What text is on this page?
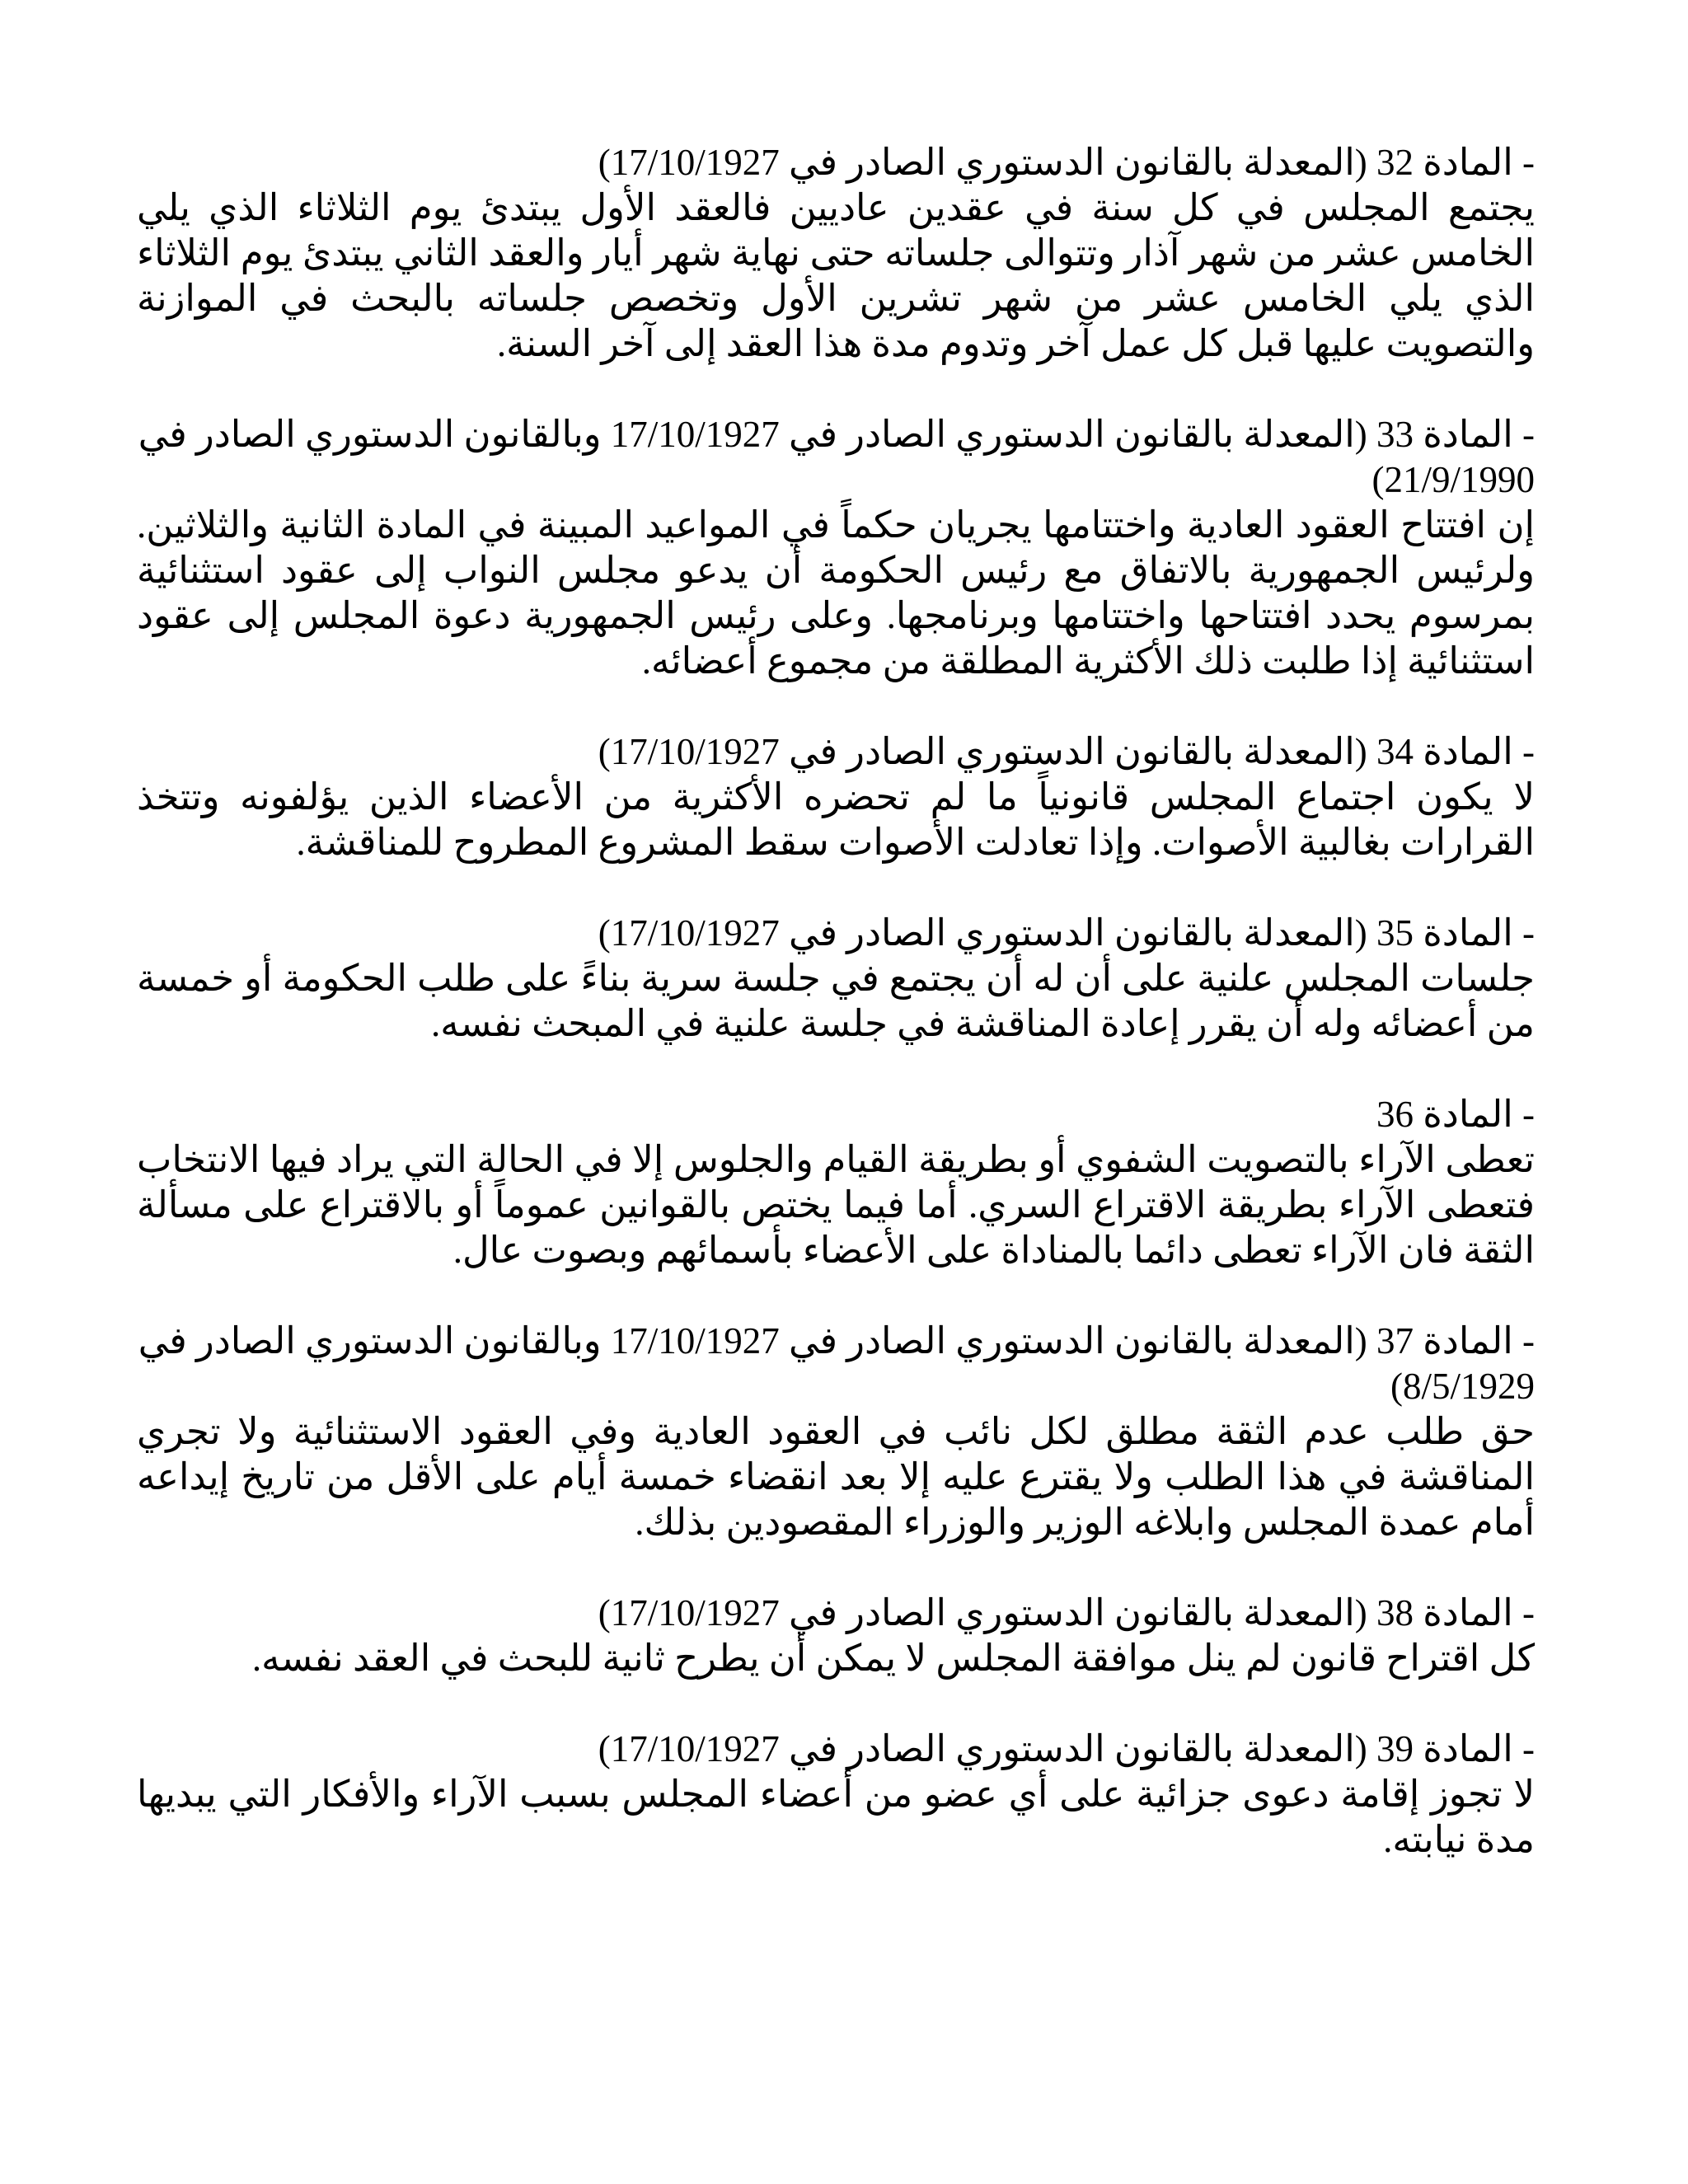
- المادة 32 (المعدلة بالقانون الدستوري الصادر في 17/10/1927)

يجتمع المجلس في كل سنة في عقدين عاديين فالعقد الأول يبتدئ يوم الثلاثاء الذي يلي الخامس عشر من شهر آذار وتتوالى جلساته حتى نهاية شهر أيار والعقد الثاني يبتدئ يوم الثلاثاء الذي يلي الخامس عشر من شهر تشرين الأول وتخصص جلساته بالبحث في الموازنة والتصويت عليها قبل كل عمل آخر وتدوم مدة هذا العقد إلى آخر السنة.

- المادة 33 (المعدلة بالقانون الدستوري الصادر في 17/10/1927 وبالقانون الدستوري الصادر في 21/9/1990)

إن افتتاح العقود العادية واختتامها يجريان حكماً في المواعيد المبينة في المادة الثانية والثلاثين. ولرئيس الجمهورية بالاتفاق مع رئيس الحكومة أن يدعو مجلس النواب إلى عقود استثنائية بمرسوم يحدد افتتاحها واختتامها وبرنامجها. وعلى رئيس الجمهورية دعوة المجلس إلى عقود استثنائية إذا طلبت ذلك الأكثرية المطلقة من مجموع أعضائه.

- المادة 34 (المعدلة بالقانون الدستوري الصادر في 17/10/1927)

لا يكون اجتماع المجلس قانونياً ما لم تحضره الأكثرية من الأعضاء الذين يؤلفونه وتتخذ القرارات بغالبية الأصوات. وإذا تعادلت الأصوات سقط المشروع المطروح للمناقشة.

- المادة 35 (المعدلة بالقانون الدستوري الصادر في 17/10/1927)

جلسات المجلس علنية على أن له أن يجتمع في جلسة سرية بناءً على طلب الحكومة أو خمسة من أعضائه وله أن يقرر إعادة المناقشة في جلسة علنية في المبحث نفسه.

- المادة 36

تعطى الآراء بالتصويت الشفوي أو بطريقة القيام والجلوس إلا في الحالة التي يراد فيها الانتخاب فتعطى الآراء بطريقة الاقتراع السري. أما فيما يختص بالقوانين عموماً أو بالاقتراع على مسألة الثقة فان الآراء تعطى دائما بالمناداة على الأعضاء بأسمائهم وبصوت عال.

- المادة 37 (المعدلة بالقانون الدستوري الصادر في 17/10/1927 وبالقانون الدستوري الصادر في 8/5/1929)

حق طلب عدم الثقة مطلق لكل نائب في العقود العادية وفي العقود الاستثنائية ولا تجري المناقشة في هذا الطلب ولا يقترع عليه إلا بعد انقضاء خمسة أيام على الأقل من تاريخ إيداعه أمام عمدة المجلس وابلاغه الوزير والوزراء المقصودين بذلك.

- المادة 38 (المعدلة بالقانون الدستوري الصادر في 17/10/1927)

كل اقتراح قانون لم ينل موافقة المجلس لا يمكن أن يطرح ثانية للبحث في العقد نفسه.

- المادة 39 (المعدلة بالقانون الدستوري الصادر في 17/10/1927)

لا تجوز إقامة دعوى جزائية على أي عضو من أعضاء المجلس بسبب الآراء والأفكار التي يبديها مدة نيابته.
